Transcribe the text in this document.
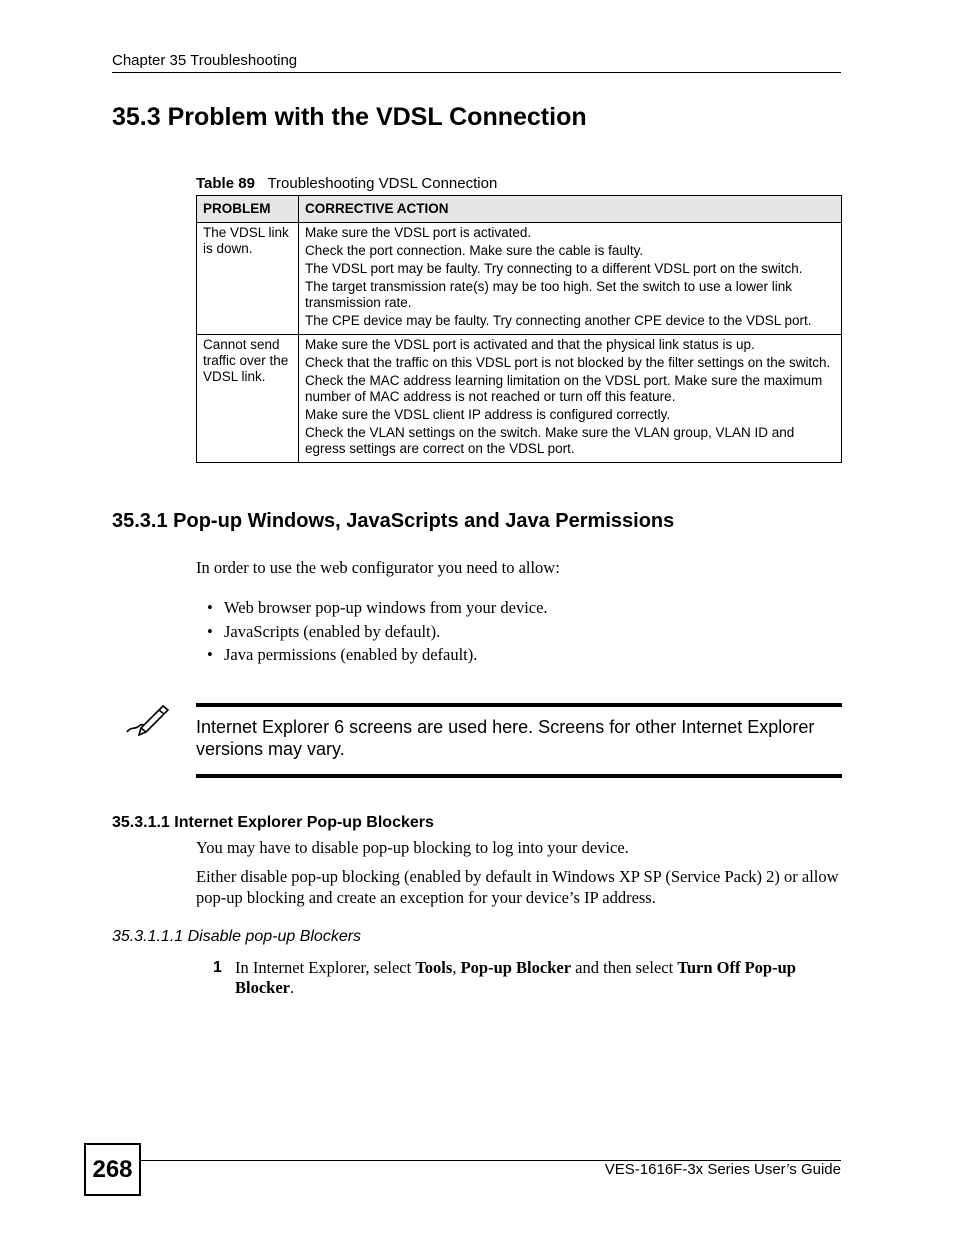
Chapter 35 Troubleshooting
35.3 Problem with the VDSL Connection
Table 89 Troubleshooting VDSL Connection
PROBLEM	CORRECTIVE ACTION
The VDSL link is down.	Make sure the VDSL port is activated.
Check the port connection. Make sure the cable is faulty.
The VDSL port may be faulty. Try connecting to a different VDSL port on the switch.
The target transmission rate(s) may be too high. Set the switch to use a lower link transmission rate.
The CPE device may be faulty. Try connecting another CPE device to the VDSL port.

Cannot send traffic over the VDSL link.	Make sure the VDSL port is activated and that the physical link status is up.
Check that the traffic on this VDSL port is not blocked by the filter settings on the switch.
Check the MAC address learning limitation on the VDSL port. Make sure the maximum number of MAC address is not reached or turn off this feature.
Make sure the VDSL client IP address is configured correctly.
Check the VLAN settings on the switch. Make sure the VLAN group, VLAN ID and egress settings are correct on the VDSL port.
35.3.1 Pop-up Windows, JavaScripts and Java Permissions
In order to use the web configurator you need to allow:
• Web browser pop-up windows from your device.
• JavaScripts (enabled by default).
• Java permissions (enabled by default).
Internet Explorer 6 screens are used here. Screens for other Internet Explorer versions may vary.
35.3.1.1 Internet Explorer Pop-up Blockers
You may have to disable pop-up blocking to log into your device.
Either disable pop-up blocking (enabled by default in Windows XP SP (Service Pack) 2) or allow pop-up blocking and create an exception for your device’s IP address.
35.3.1.1.1 Disable pop-up Blockers
1 In Internet Explorer, select Tools, Pop-up Blocker and then select Turn Off Pop-up Blocker.
268	VES-1616F-3x Series User’s Guide
